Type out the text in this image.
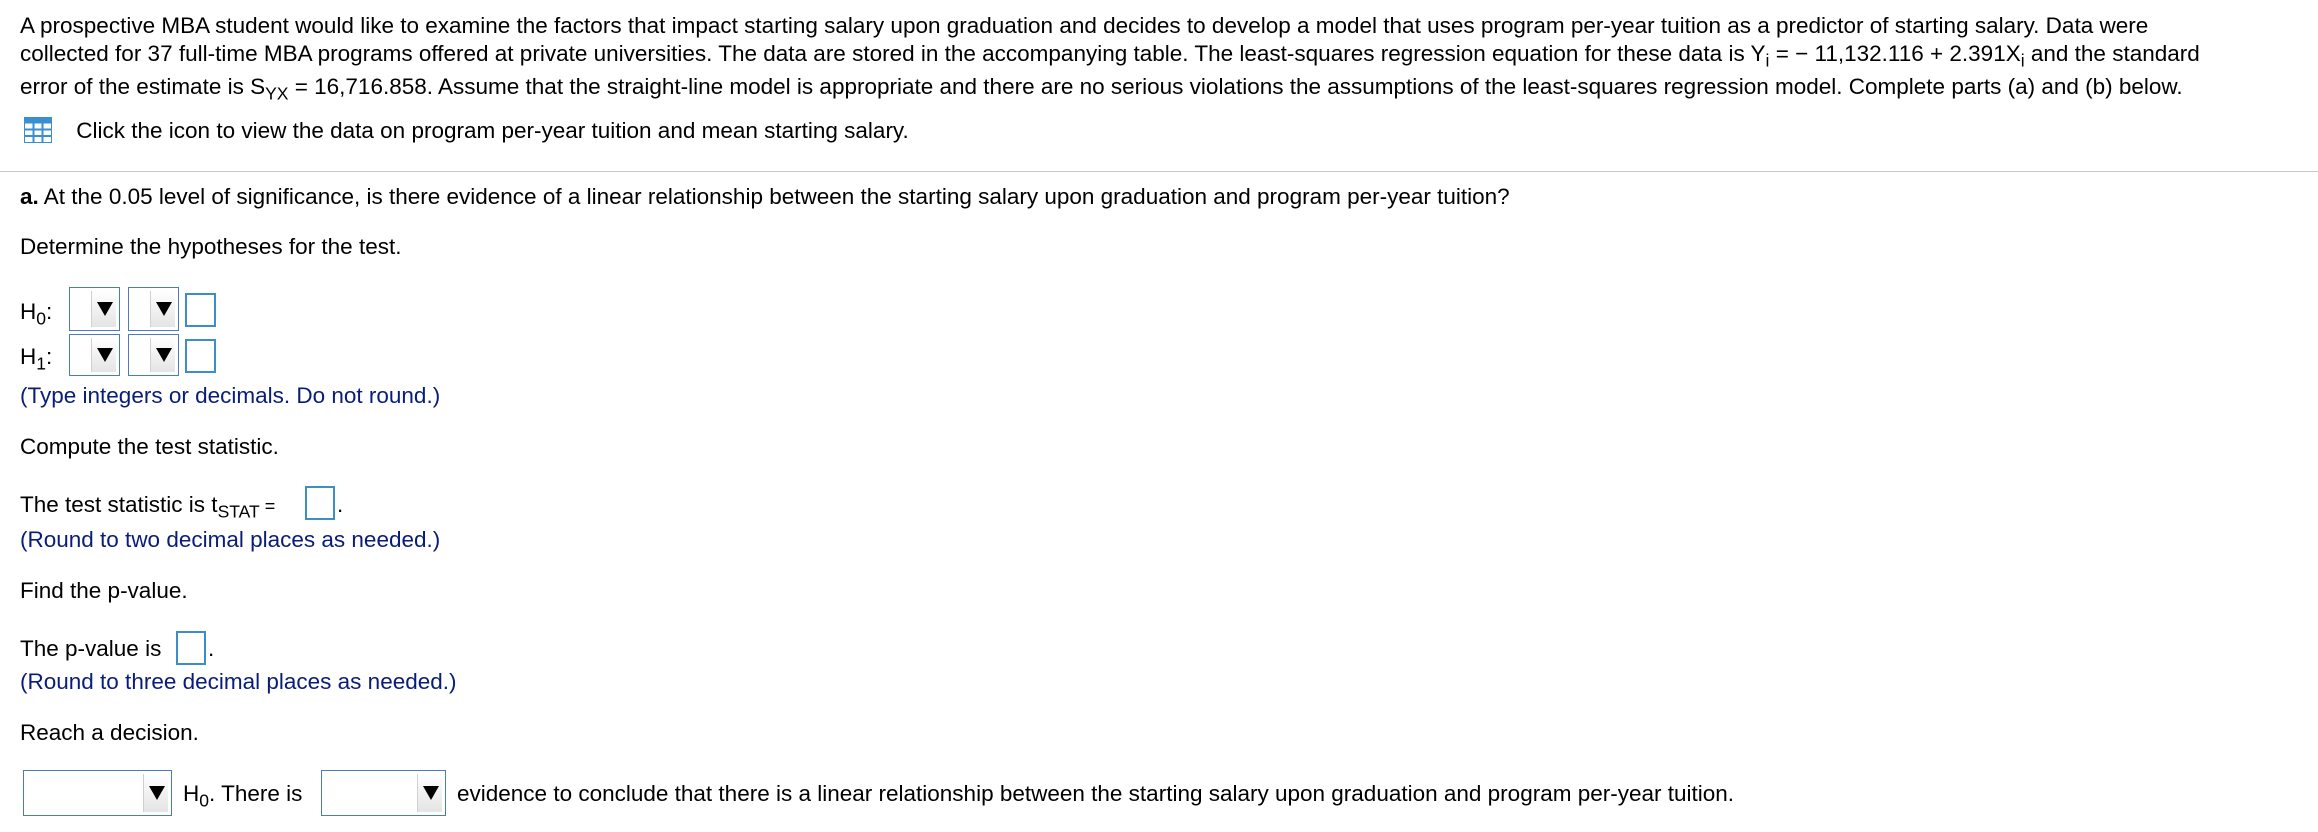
A prospective MBA student would like to examine the factors that impact starting salary upon graduation and decides to develop a model that uses program per-year tuition as a predictor of starting salary. Data were

collected for 37 full-time MBA programs offered at private universities. The data are stored in the accompanying table. The least-squares regression equation for these data is $Y_i$ = − $11,132.116 + 2.391X_i$ and the standard

error of the estimate is $S_{YX} = 16,716.858$. Assume that the straight-line model is appropriate and there are no serious violations the assumptions of the least-squares regression model. Complete parts (a) and (b) below.

Click the icon to view the data on program per-year tuition and mean starting salary.
a. At the 0.05 level of significance, is there evidence of a linear relationship between the starting salary upon graduation and program per-year tuition?
Determine the hypotheses for the test.
$H_0$:
$H_1$:
(Type integers or decimals. Do not round.)
Compute the test statistic.
The test statistic is $t_{STAT}$ =	.
(Round to two decimal places as needed.)
Find the p-value.
The p-value is .
(Round to three decimal places as needed.)
Reach a decision.
$H_0$. There is	evidence to conclude that there is a linear relationship between the starting salary upon graduation and program per-year tuition.
